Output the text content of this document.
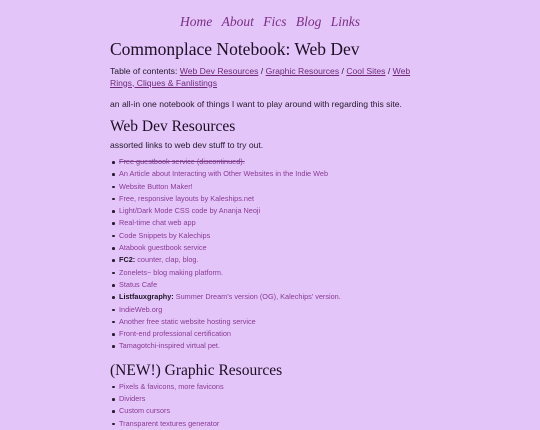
Home About Fics Blog Links
Commonplace Notebook: Web Dev

Table of contents: Web Dev Resources / Graphic Resources / Cool Sites / Web Rings, Cliques & Fanlistings

an all-in one notebook of things I want to play around with regarding this site.

Web Dev Resources

assorted links to web dev stuff to try out.

Free guestbook service (discontinued).
An Article about Interacting with Other Websites in the Indie Web
Website Button Maker!
Free, responsive layouts by Kaleships.net
Light/Dark Mode CSS code by Ananja Neoji
Real-time chat web app
Code Snippets by Kalechips
Atabook guestbook service
FC2: counter, clap, blog.
Zonelets~ blog making platform.
Status Cafe
Listfauxgraphy: Summer Dream's version (OG), Kalechips' version.
IndieWeb.org
Another free static website hosting service
Front-end professional certification
Tamagotchi-inspired virtual pet.
(NEW!) Graphic Resources
Pixels & favicons, more favicons
Dividers
Custom cursors
Transparent textures generator
